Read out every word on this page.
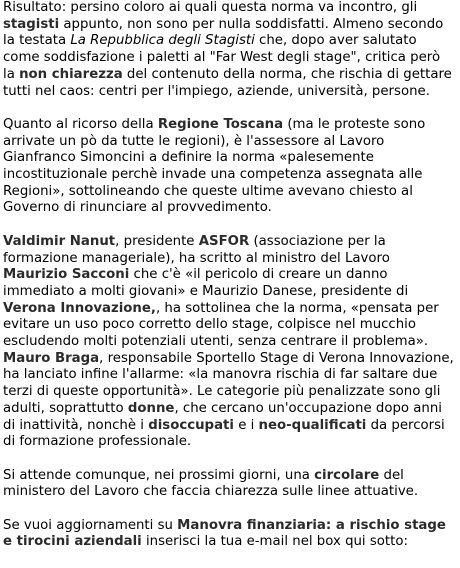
Risultato: persino coloro ai quali questa norma va incontro, gli stagisti appunto, non sono per nulla soddisfatti. Almeno secondo la testata La Repubblica degli Stagisti che, dopo aver salutato come soddisfazione i paletti al "Far West degli stage", critica però la non chiarezza del contenuto della norma, che rischia di gettare tutti nel caos: centri per l'impiego, aziende, università, persone.

Quanto al ricorso della Regione Toscana (ma le proteste sono arrivate un pò da tutte le regioni), è l'assessore al Lavoro Gianfranco Simoncini a definire la norma «palesemente incostituzionale perchè invade una competenza assegnata alle Regioni», sottolineando che queste ultime avevano chiesto al Governo di rinunciare al provvedimento.

Valdimir Nanut, presidente ASFOR (associazione per la formazione manageriale), ha scritto al ministro del Lavoro Maurizio Sacconi che c'è «il pericolo di creare un danno immediato a molti giovani» e Maurizio Danese, presidente di Verona Innovazione,, ha sottolinea che la norma, «pensata per evitare un uso poco corretto dello stage, colpisce nel mucchio escludendo molti potenziali utenti, senza centrare il problema».
Mauro Braga, responsabile Sportello Stage di Verona Innovazione, ha lanciato infine l'allarme: «la manovra rischia di far saltare due terzi di queste opportunità». Le categorie più penalizzate sono gli adulti, soprattutto donne, che cercano un'occupazione dopo anni di inattività, nonchè i disoccupati e i neo-qualificati da percorsi di formazione professionale.

Si attende comunque, nei prossimi giorni, una circolare del ministero del Lavoro che faccia chiarezza sulle linee attuative.

Se vuoi aggiornamenti su Manovra finanziaria: a rischio stage e tirocini aziendali inserisci la tua e-mail nel box qui sotto:
